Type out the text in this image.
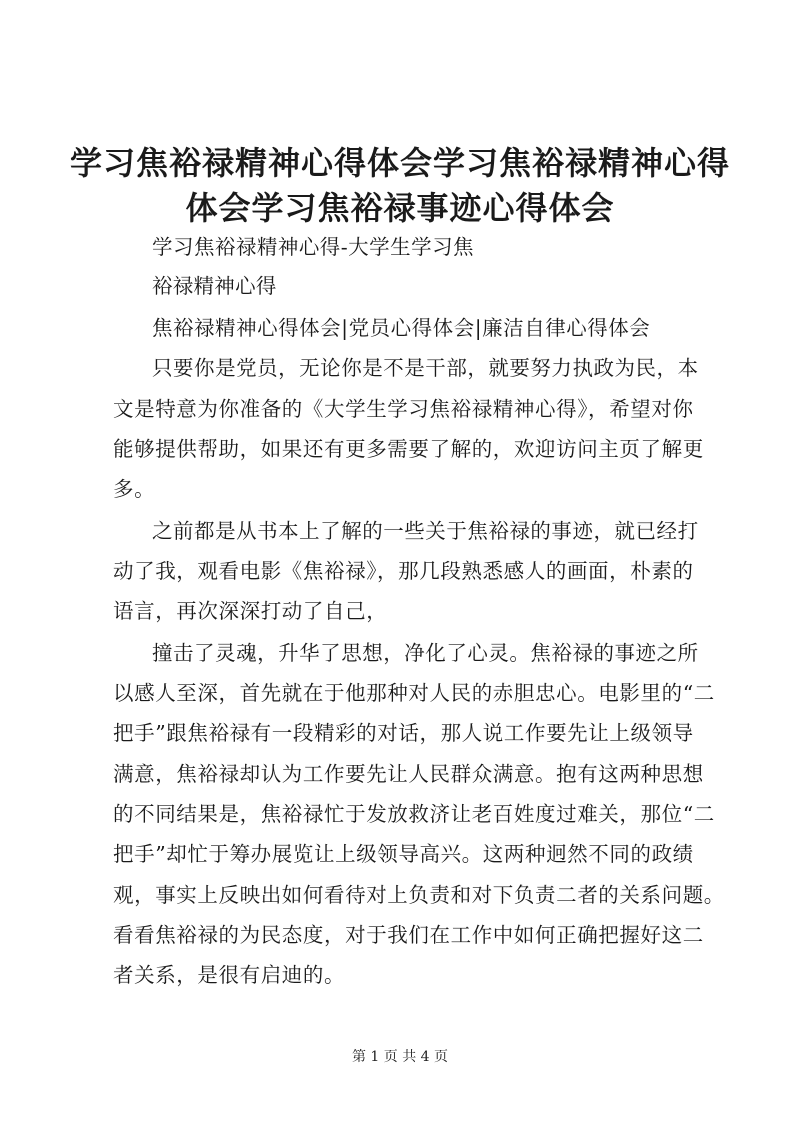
学习焦裕禄精神心得体会学习焦裕禄精神心得
体会学习焦裕禄事迹心得体会

学习焦裕禄精神心得-大学生学习焦

裕禄精神心得

焦裕禄精神心得体会|党员心得体会|廉洁自律心得体会

只要你是党员，无论你是不是干部，就要努力执政为民，本

文是特意为你准备的《大学生学习焦裕禄精神心得》，希望对你

能够提供帮助，如果还有更多需要了解的，欢迎访问主页了解更

多。

之前都是从书本上了解的一些关于焦裕禄的事迹，就已经打

动了我，观看电影《焦裕禄》，那几段熟悉感人的画面，朴素的

语言，再次深深打动了自己，

撞击了灵魂，升华了思想，净化了心灵。焦裕禄的事迹之所

以感人至深，首先就在于他那种对人民的赤胆忠心。电影里的“二

把手”跟焦裕禄有一段精彩的对话，那人说工作要先让上级领导

满意，焦裕禄却认为工作要先让人民群众满意。抱有这两种思想

的不同结果是，焦裕禄忙于发放救济让老百姓度过难关，那位“二

把手”却忙于筹办展览让上级领导高兴。这两种迥然不同的政绩

观，事实上反映出如何看待对上负责和对下负责二者的关系问题。

看看焦裕禄的为民态度，对于我们在工作中如何正确把握好这二

者关系，是很有启迪的。

第 1 页 共 4 页
